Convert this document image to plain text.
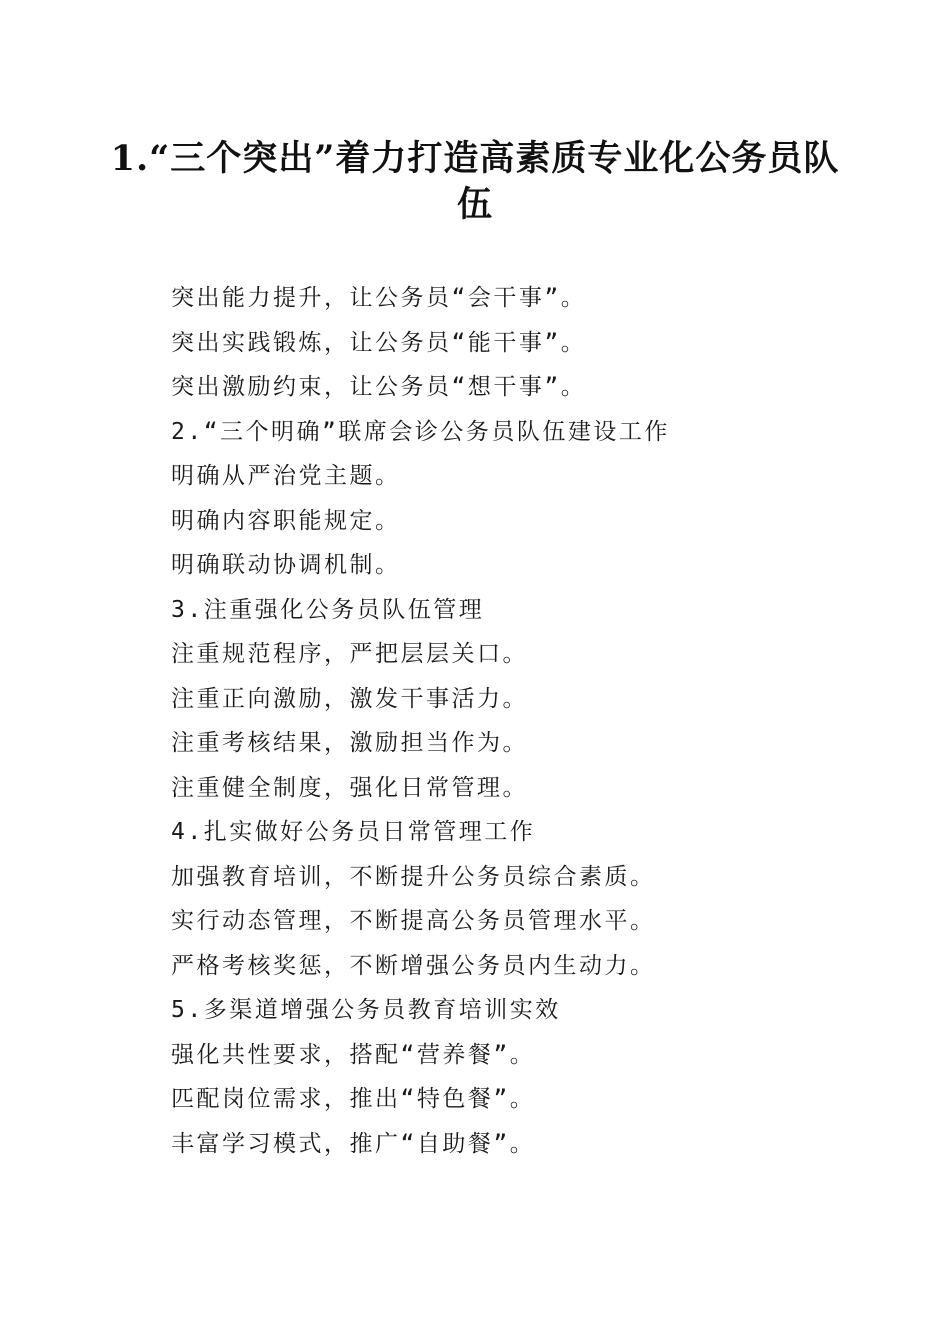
1.“三个突出”着力打造高素质专业化公务员队伍
突出能力提升，让公务员“会干事”。
突出实践锻炼，让公务员“能干事”。
突出激励约束，让公务员“想干事”。
2.“三个明确”联席会诊公务员队伍建设工作
明确从严治党主题。
明确内容职能规定。
明确联动协调机制。
3.注重强化公务员队伍管理
注重规范程序，严把层层关口。
注重正向激励，激发干事活力。
注重考核结果，激励担当作为。
注重健全制度，强化日常管理。
4.扎实做好公务员日常管理工作
加强教育培训，不断提升公务员综合素质。
实行动态管理，不断提高公务员管理水平。
严格考核奖惩，不断增强公务员内生动力。
5.多渠道增强公务员教育培训实效
强化共性要求，搭配“营养餐”。
匹配岗位需求，推出“特色餐”。
丰富学习模式，推广“自助餐”。
